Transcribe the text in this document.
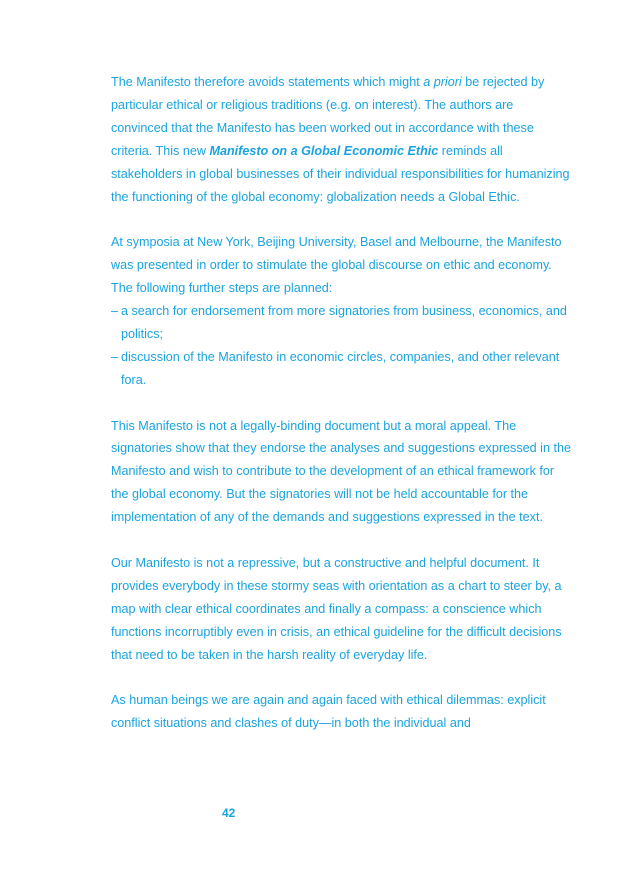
The Manifesto therefore avoids statements which might a priori be rejected by particular ethical or religious traditions (e.g. on interest). The authors are convinced that the Manifesto has been worked out in accordance with these criteria. This new Manifesto on a Global Economic Ethic reminds all stakeholders in global businesses of their individual responsibilities for humanizing the functioning of the global economy: globalization needs a Global Ethic.

At symposia at New York, Beijing University, Basel and Melbourne, the Manifesto was presented in order to stimulate the global discourse on ethic and economy. The following further steps are planned:
– a search for endorsement from more signatories from business, economics, and politics;
– discussion of the Manifesto in economic circles, companies, and other relevant fora.

This Manifesto is not a legally-binding document but a moral appeal. The signatories show that they endorse the analyses and suggestions expressed in the Manifesto and wish to contribute to the development of an ethical framework for the global economy. But the signatories will not be held accountable for the implementation of any of the demands and suggestions expressed in the text.

Our Manifesto is not a repressive, but a constructive and helpful document. It provides everybody in these stormy seas with orientation as a chart to steer by, a map with clear ethical coordinates and finally a compass: a conscience which functions incorruptibly even in crisis, an ethical guideline for the difficult decisions that need to be taken in the harsh reality of everyday life.

As human beings we are again and again faced with ethical dilemmas: explicit conflict situations and clashes of duty—in both the individual and

42
